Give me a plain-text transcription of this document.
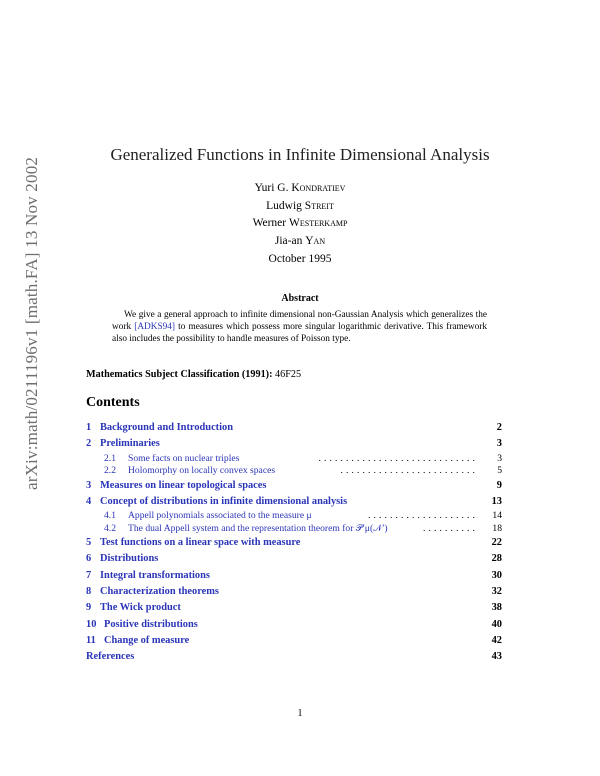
arXiv:math/0211196v1 [math.FA] 13 Nov 2002
Generalized Functions in Infinite Dimensional Analysis
Yuri G. Kondratiev
Ludwig Streit
Werner Westerkamp
Jia-an Yan
October 1995
Abstract

We give a general approach to infinite dimensional non-Gaussian Analysis which generalizes the work [ADKS94] to measures which possess more singular logarithmic derivative. This framework also includes the possibility to handle measures of Poisson type.

Mathematics Subject Classification (1991): 46F25
Contents
1 Background and Introduction	2
2 Preliminaries	3
2.1 Some facts on nuclear triples	............................. 3
2.2 Holomorphy on locally convex spaces	......................... 5
3 Measures on linear topological spaces	9
4 Concept of distributions in infinite dimensional analysis	13
4.1 Appell polynomials associated to the measure μ	.................... 14
4.2 The dual Appell system and the representation theorem for 𝒫′μ(𝒩′)	.......... 18
5 Test functions on a linear space with measure	22
6 Distributions	28
7 Integral transformations	30
8 Characterization theorems	32
9 The Wick product	38
10 Positive distributions	40
11 Change of measure	42
References	43
1
